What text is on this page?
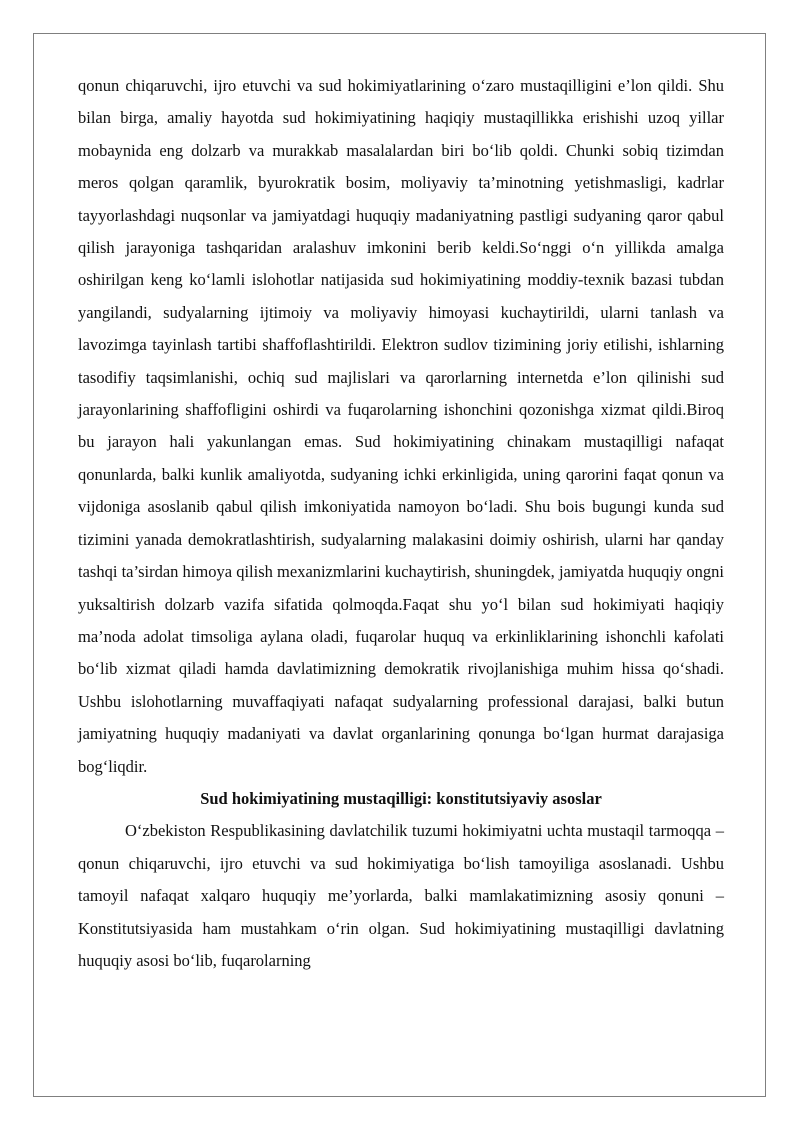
qonun chiqaruvchi, ijro etuvchi va sud hokimiyatlarining o‘zaro mustaqilligini e’lon qildi. Shu bilan birga, amaliy hayotda sud hokimiyatining haqiqiy mustaqillikka erishishi uzoq yillar mobaynida eng dolzarb va murakkab masalalardan biri bo‘lib qoldi. Chunki sobiq tizimdan meros qolgan qaramlik, byurokratik bosim, moliyaviy ta’minotning yetishmasligi, kadrlar tayyorlashdagi nuqsonlar va jamiyatdagi huquqiy madaniyatning pastligi sudyaning qaror qabul qilish jarayoniga tashqaridan aralashuv imkonini berib keldi.So‘nggi o‘n yillikda amalga oshirilgan keng ko‘lamli islohotlar natijasida sud hokimiyatining moddiy-texnik bazasi tubdan yangilandi, sudyalarning ijtimoiy va moliyaviy himoyasi kuchaytirildi, ularni tanlash va lavozimga tayinlash tartibi shaffoflashtirildi. Elektron sudlov tizimining joriy etilishi, ishlarning tasodifiy taqsimlanishi, ochiq sud majlislari va qarorlarning internetda e’lon qilinishi sud jarayonlarining shaffofligini oshirdi va fuqarolarning ishonchini qozonishga xizmat qildi.Biroq bu jarayon hali yakunlangan emas. Sud hokimiyatining chinakam mustaqilligi nafaqat qonunlarda, balki kunlik amaliyotda, sudyaning ichki erkinligida, uning qarorini faqat qonun va vijdoniga asoslanib qabul qilish imkoniyatida namoyon bo‘ladi. Shu bois bugungi kunda sud tizimini yanada demokratlashtirish, sudyalarning malakasini doimiy oshirish, ularni har qanday tashqi ta’sirdan himoya qilish mexanizmlarini kuchaytirish, shuningdek, jamiyatda huquqiy ongni yuksaltirish dolzarb vazifa sifatida qolmoqda.Faqat shu yo‘l bilan sud hokimiyati haqiqiy ma’noda adolat timsoliga aylana oladi, fuqarolar huquq va erkinliklarining ishonchli kafolati bo‘lib xizmat qiladi hamda davlatimizning demokratik rivojlanishiga muhim hissa qo‘shadi. Ushbu islohotlarning muvaffaqiyati nafaqat sudyalarning professional darajasi, balki butun jamiyatning huquqiy madaniyati va davlat organlarining qonunga bo‘lgan hurmat darajasiga bog‘liqdir.

Sud hokimiyatining mustaqilligi: konstitutsiyaviy asoslar

O‘zbekiston Respublikasining davlatchilik tuzumi hokimiyatni uchta mustaqil tarmoqqa – qonun chiqaruvchi, ijro etuvchi va sud hokimiyatiga bo‘lish tamoyiliga asoslanadi. Ushbu tamoyil nafaqat xalqaro huquqiy me’yorlarda, balki mamlakatimizning asosiy qonuni – Konstitutsiyasida ham mustahkam o‘rin olgan. Sud hokimiyatining mustaqilligi davlatning huquqiy asosi bo‘lib, fuqarolarning
